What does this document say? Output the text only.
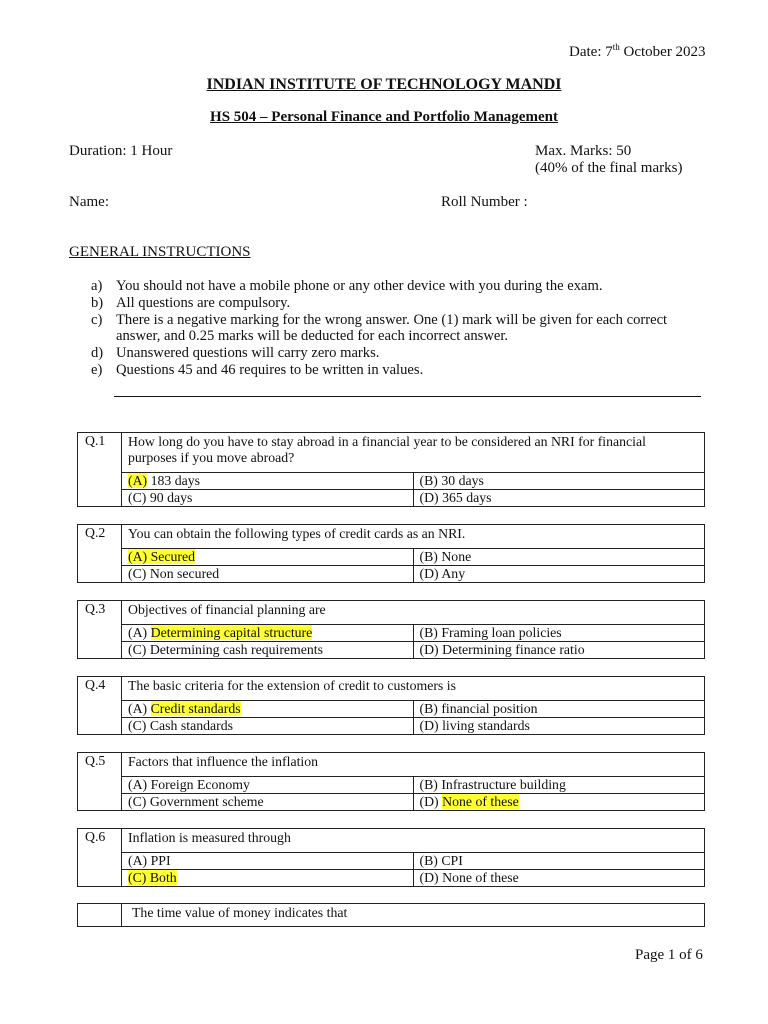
Date: 7th October 2023
INDIAN INSTITUTE OF TECHNOLOGY MANDI
HS 504 – Personal Finance and Portfolio Management
Duration: 1 Hour	Max. Marks: 50
(40% of the final marks)
Name:	Roll Number :
GENERAL INSTRUCTIONS
a) You should not have a mobile phone or any other device with you during the exam.
b) All questions are compulsory.
c) There is a negative marking for the wrong answer. One (1) mark will be given for each correct answer, and 0.25 marks will be deducted for each incorrect answer.
d) Unanswered questions will carry zero marks.
e) Questions 45 and 46 requires to be written in values.
Q.1	How long do you have to stay abroad in a financial year to be considered an NRI for financial purposes if you move abroad?	
	(A) 183 days	(B) 30 days
	(C) 90 days	(D) 365 days
Q.2	You can obtain the following types of credit cards as an NRI.	
	(A) Secured	(B) None
	(C) Non secured	(D) Any
Q.3	Objectives of financial planning are	
	(A) Determining capital structure	(B) Framing loan policies
	(C) Determining cash requirements	(D) Determining finance ratio
Q.4	The basic criteria for the extension of credit to customers is	
	(A) Credit standards	(B) financial position
	(C) Cash standards	(D) living standards
Q.5	Factors that influence the inflation	
	(A) Foreign Economy	(B) Infrastructure building
	(C) Government scheme	(D) None of these
Q.6	Inflation is measured through	
	(A) PPI	(B) CPI
	(C) Both	(D) None of these
	The time value of money indicates that
Page 1 of 6
